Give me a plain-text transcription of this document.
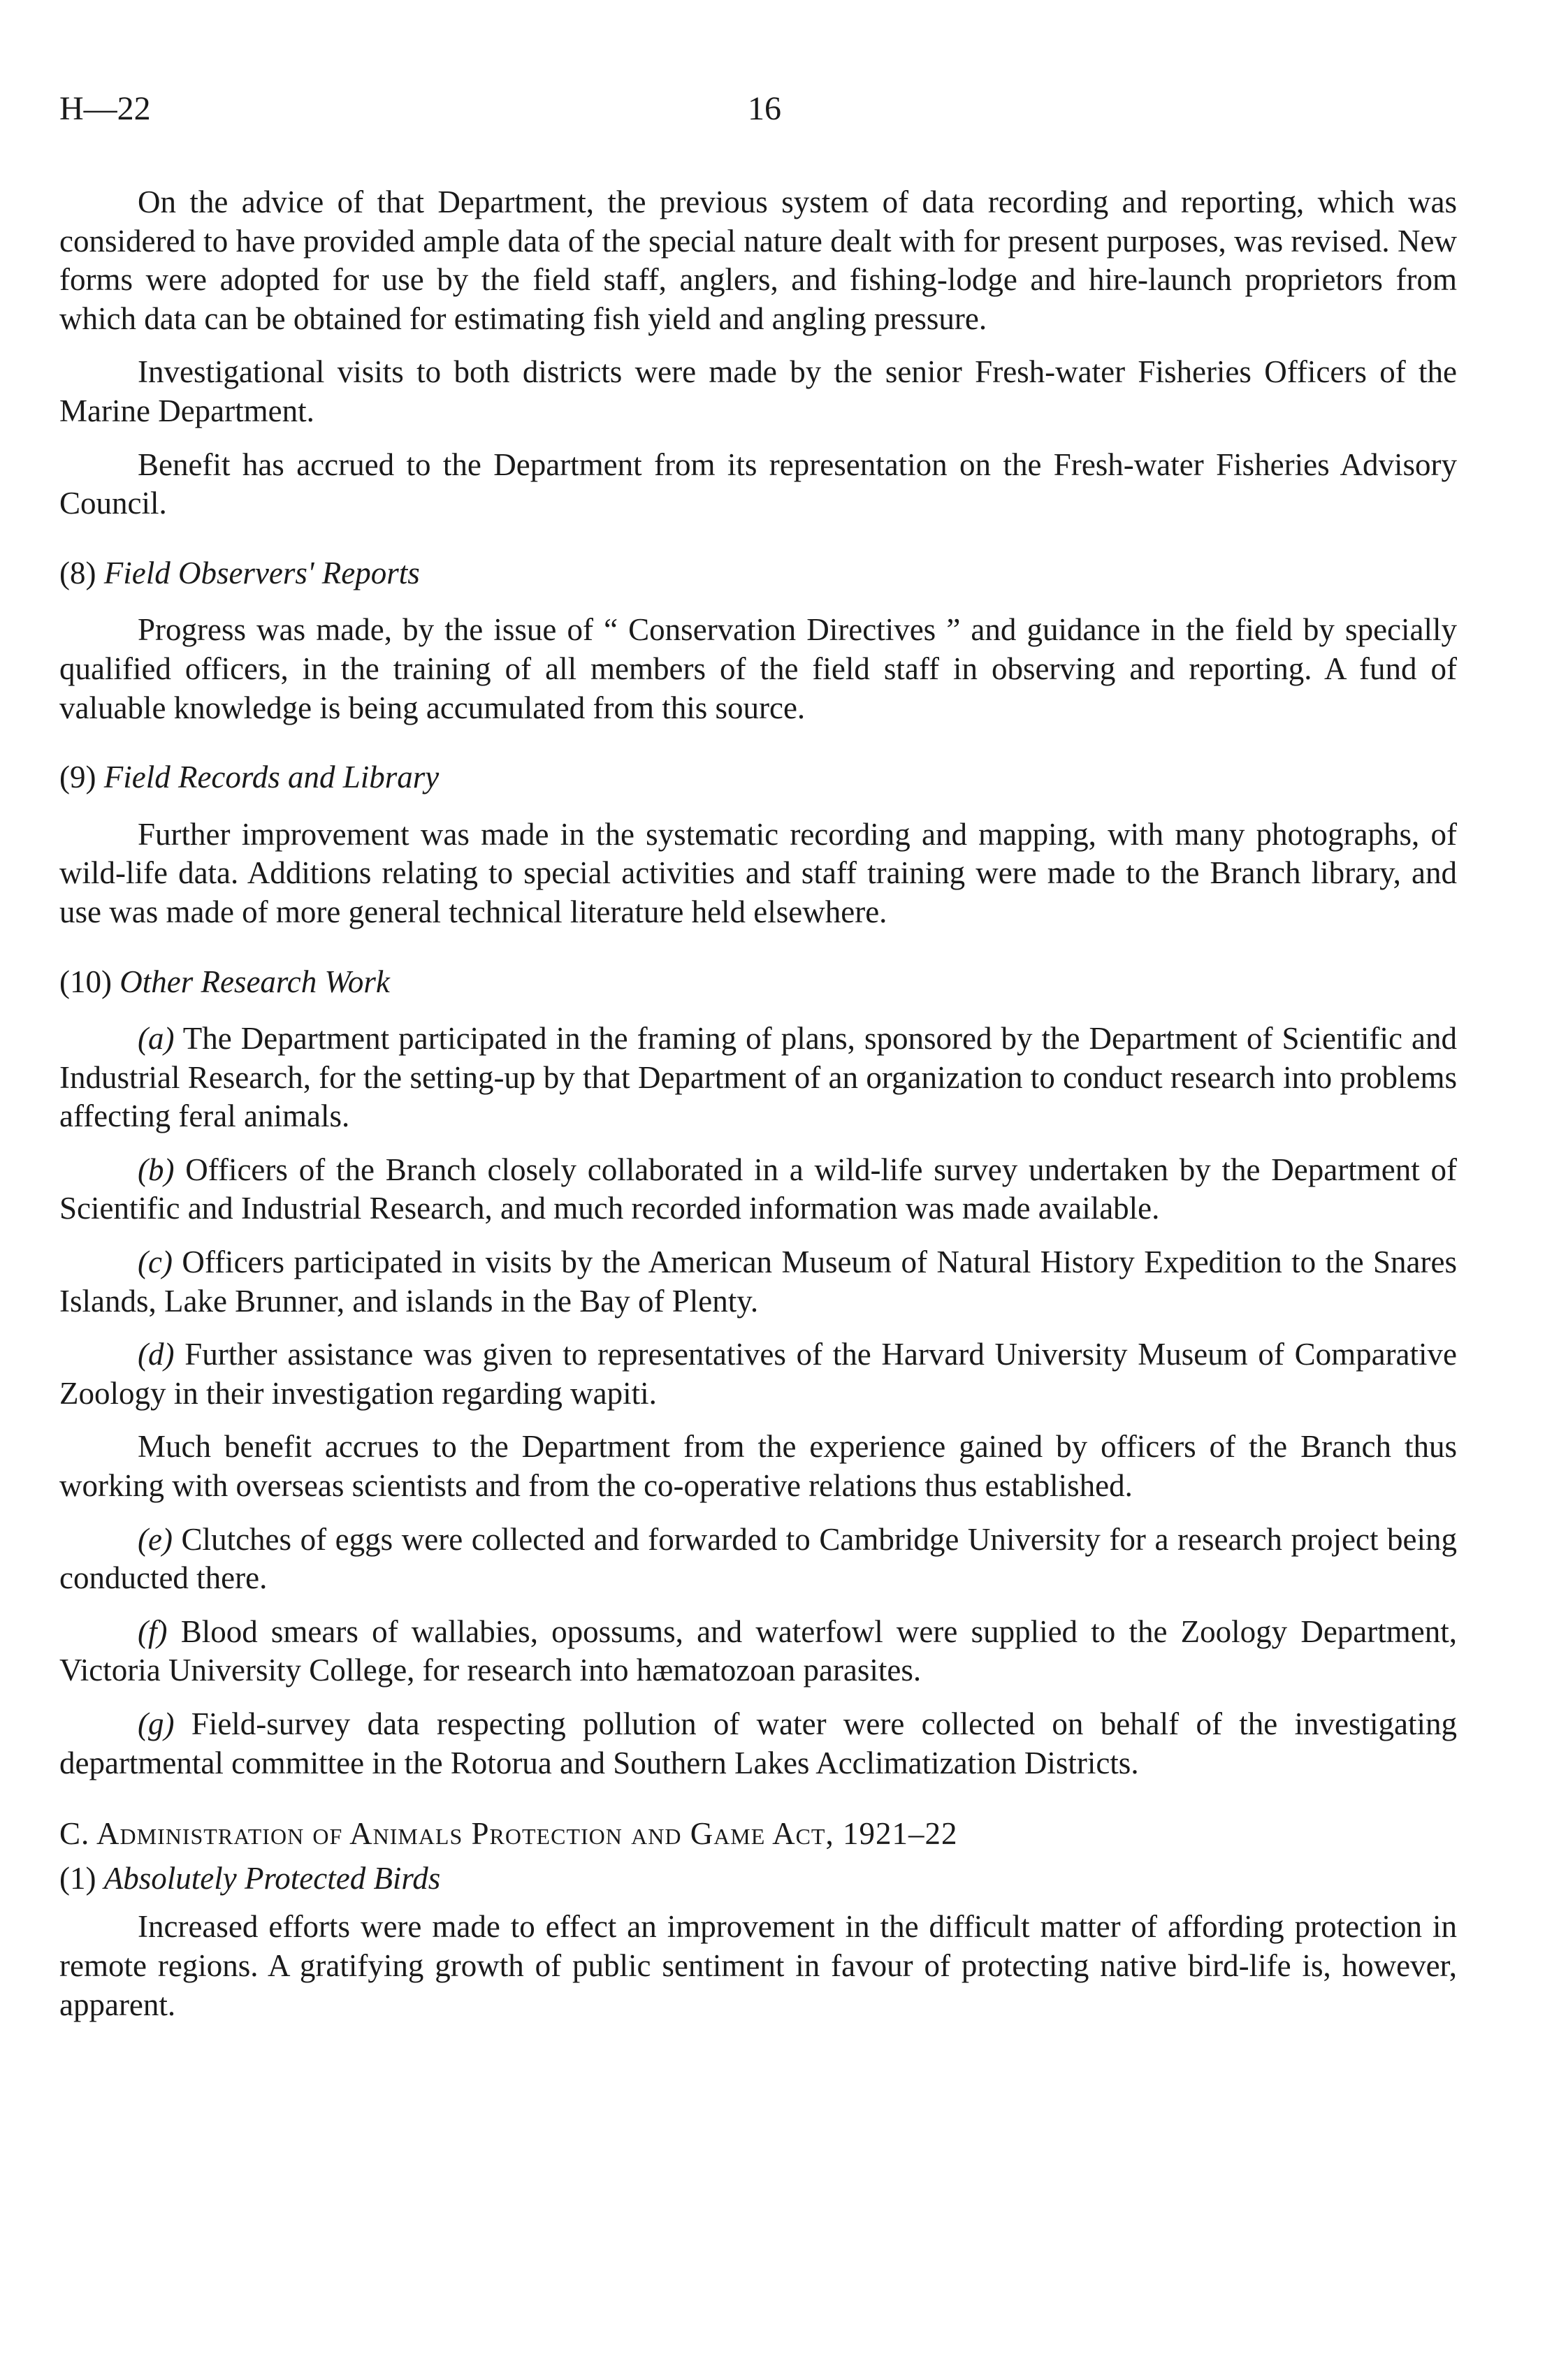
H—22	16

On the advice of that Department, the previous system of data recording and reporting, which was considered to have provided ample data of the special nature dealt with for present purposes, was revised. New forms were adopted for use by the field staff, anglers, and fishing-lodge and hire-launch proprietors from which data can be obtained for estimating fish yield and angling pressure.

Investigational visits to both districts were made by the senior Fresh-water Fisheries Officers of the Marine Department.

Benefit has accrued to the Department from its representation on the Fresh-water Fisheries Advisory Council.

(8) Field Observers' Reports

Progress was made, by the issue of “ Conservation Directives ” and guidance in the field by specially qualified officers, in the training of all members of the field staff in observing and reporting. A fund of valuable knowledge is being accumulated from this source.

(9) Field Records and Library

Further improvement was made in the systematic recording and mapping, with many photographs, of wild-life data. Additions relating to special activities and staff training were made to the Branch library, and use was made of more general technical literature held elsewhere.

(10) Other Research Work

(a) The Department participated in the framing of plans, sponsored by the Department of Scientific and Industrial Research, for the setting-up by that Department of an organization to conduct research into problems affecting feral animals.

(b) Officers of the Branch closely collaborated in a wild-life survey undertaken by the Department of Scientific and Industrial Research, and much recorded information was made available.

(c) Officers participated in visits by the American Museum of Natural History Expedition to the Snares Islands, Lake Brunner, and islands in the Bay of Plenty.

(d) Further assistance was given to representatives of the Harvard University Museum of Comparative Zoology in their investigation regarding wapiti.

Much benefit accrues to the Department from the experience gained by officers of the Branch thus working with overseas scientists and from the co-operative relations thus established.

(e) Clutches of eggs were collected and forwarded to Cambridge University for a research project being conducted there.

(f) Blood smears of wallabies, opossums, and waterfowl were supplied to the Zoology Department, Victoria University College, for research into hæmatozoan parasites.

(g) Field-survey data respecting pollution of water were collected on behalf of the investigating departmental committee in the Rotorua and Southern Lakes Acclimatization Districts.

C. Administration of Animals Protection and Game Act, 1921–22
(1) Absolutely Protected Birds

Increased efforts were made to effect an improvement in the difficult matter of affording protection in remote regions. A gratifying growth of public sentiment in favour of protecting native bird-life is, however, apparent.
